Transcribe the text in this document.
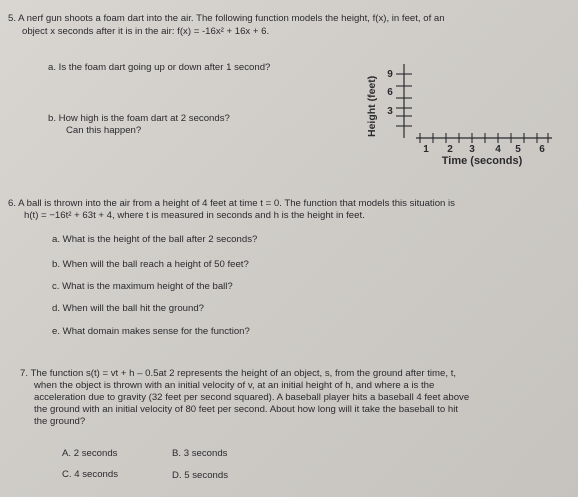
5. A nerf gun shoots a foam dart into the air. The following function models the height, f(x), in feet, of an
object x seconds after it is in the air: f(x) = -16x² + 16x + 6.
a. Is the foam dart going up or down after 1 second?
b. How high is the foam dart at 2 seconds?
Can this happen?	Height (feet)
9
6
3
1 2 3 4 5 6
Time (seconds)
6. A ball is thrown into the air from a height of 4 feet at time t = 0. The function that models this situation is
h(t) = −16t² + 63t + 4, where t is measured in seconds and h is the height in feet.
a. What is the height of the ball after 2 seconds?
b. When will the ball reach a height of 50 feet?
c. What is the maximum height of the ball?
d. When will the ball hit the ground?
e. What domain makes sense for the function?
7. The function s(t) = vt + h – 0.5at 2 represents the height of an object, s, from the ground after time, t,
when the object is thrown with an initial velocity of v, at an initial height of h, and where a is the
acceleration due to gravity (32 feet per second squared). A baseball player hits a baseball 4 feet above
the ground with an initial velocity of 80 feet per second. About how long will it take the baseball to hit
the ground?
A. 2 seconds	B. 3 seconds
C. 4 seconds	D. 5 seconds
